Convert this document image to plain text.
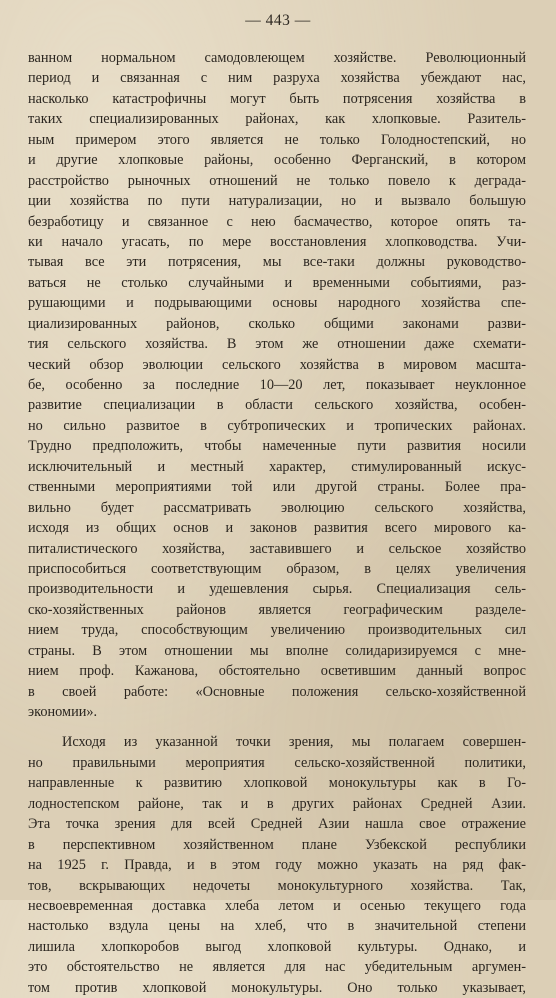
— 443 —
ванном нормальном самодовлеющем хозяйстве. Революционный
период и связанная с ним разруха хозяйства убеждают нас,
насколько катастрофичны могут быть потрясения хозяйства в
таких специализированных районах, как хлопковые. Разитель-
ным примером этого является не только Голодностепский, но
и другие хлопковые районы, особенно Ферганский, в котором
расстройство рыночных отношений не только повело к деграда-
ции хозяйства по пути натурализации, но и вызвало большую
безработицу и связанное с нею басмачество, которое опять та-
ки начало угасать, по мере восстановления хлопководства. Учи-
тывая все эти потрясения, мы все-таки должны руководство-
ваться не столько случайными и временными событиями, раз-
рушающими и подрывающими основы народного хозяйства спе-
циализированных районов, сколько общими законами разви-
тия сельского хозяйства. В этом же отношении даже схемати-
ческий обзор эволюции сельского хозяйства в мировом масшта-
бе, особенно за последние 10—20 лет, показывает неуклонное
развитие специализации в области сельского хозяйства, особен-
но сильно развитое в субтропических и тропических районах.
Трудно предположить, чтобы намеченные пути развития носили
исключительный и местный характер, стимулированный искус-
ственными мероприятиями той или другой страны. Более пра-
вильно будет рассматривать эволюцию сельского хозяйства,
исходя из общих основ и законов развития всего мирового ка-
питалистического хозяйства, заставившего и сельское хозяйство
приспособиться соответствующим образом, в целях увеличения
производительности и удешевления сырья. Специализация сель-
ско-хозяйственных районов является географическим разделе-
нием труда, способствующим увеличению производительных сил
страны. В этом отношении мы вполне солидаризируемся с мне-
нием проф. Кажанова, обстоятельно осветившим данный вопрос
в своей работе: «Основные положения сельско-хозяйственной
экономии».
Исходя из указанной точки зрения, мы полагаем совершен-
но правильными мероприятия сельско-хозяйственной политики,
направленные к развитию хлопковой монокультуры как в Го-
лодностепском районе, так и в других районах Средней Азии.
Эта точка зрения для всей Средней Азии нашла свое отражение
в перспективном хозяйственном плане Узбекской республики
на 1925 г. Правда, и в этом году можно указать на ряд фак-
тов, вскрывающих недочеты монокультурного хозяйства. Так,
несвоевременная доставка хлеба летом и осенью текущего года
настолько вздула цены на хлеб, что в значительной степени
лишила хлопкоробов выгод хлопковой культуры. Однако, и
это обстоятельство не является для нас убедительным аргумен-
том против хлопковой монокультуры. Оно только указывает,
